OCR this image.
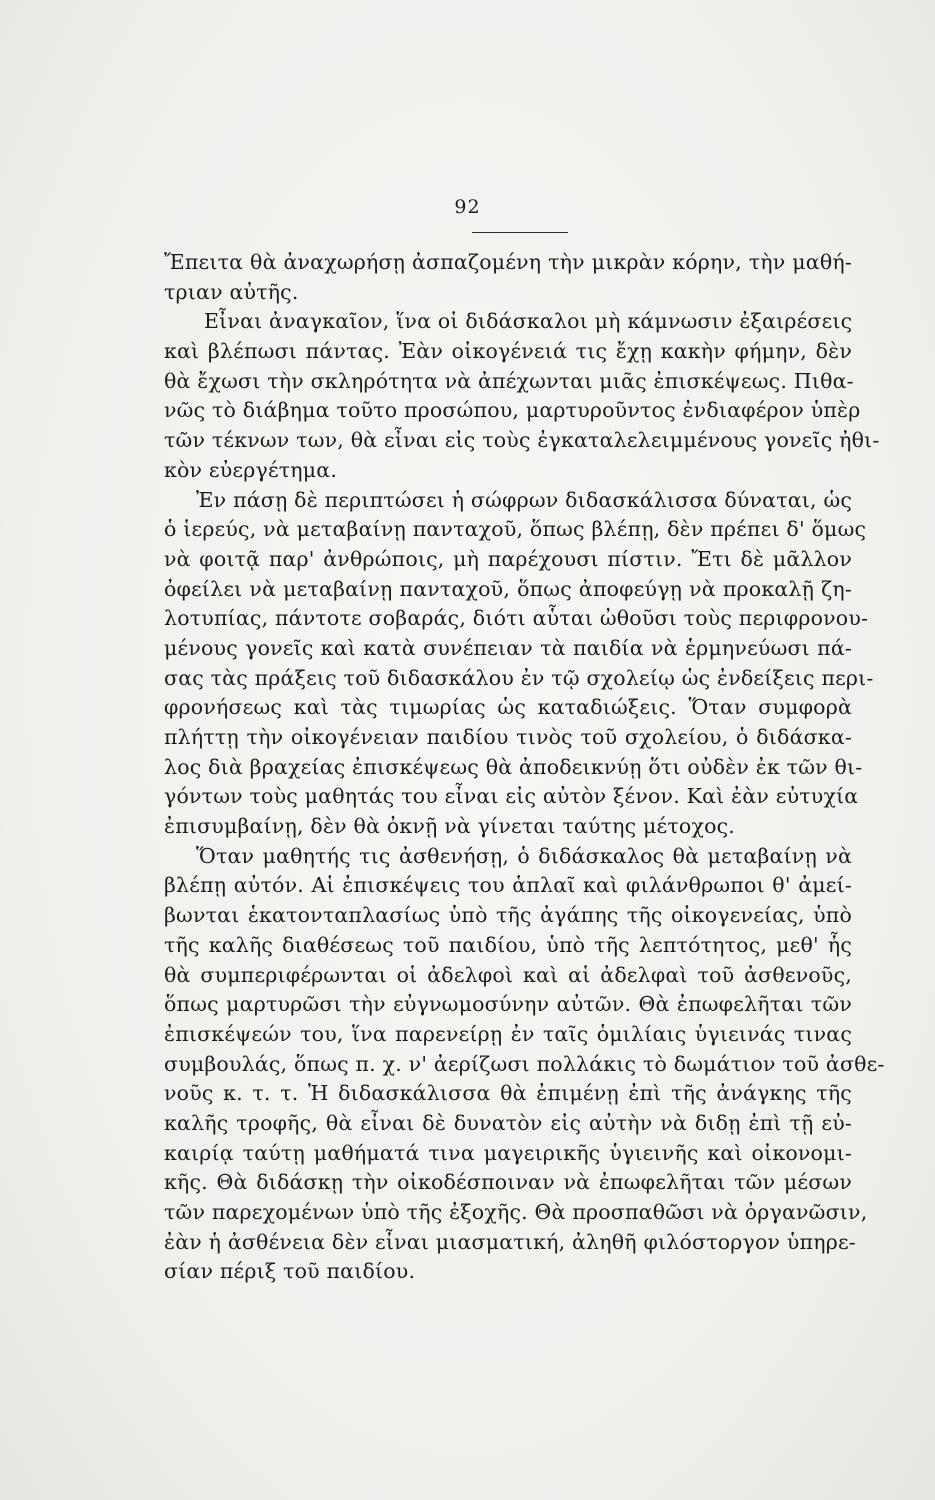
92
Ἔπειτα θὰ ἀναχωρήσῃ ἀσπαζομένη τὴν μικρὰν κόρην, τὴν μαθή-
τριαν αὐτῆς.
Εἶναι ἀναγκαῖον, ἵνα οἱ διδάσκαλοι μὴ κάμνωσιν ἐξαιρέσεις
καὶ βλέπωσι πάντας. Ἐὰν οἰκογένειά τις ἔχῃ κακὴν φήμην, δὲν
θὰ ἔχωσι τὴν σκληρότητα νὰ ἀπέχωνται μιᾶς ἐπισκέψεως. Πιθα-
νῶς τὸ διάβημα τοῦτο προσώπου, μαρτυροῦντος ἐνδιαφέρον ὑπὲρ
τῶν τέκνων των, θὰ εἶναι εἰς τοὺς ἐγκαταλελειμμένους γονεῖς ἠθι-
κὸν εὐεργέτημα.
Ἐν πάσῃ δὲ περιπτώσει ἡ σώφρων διδασκάλισσα δύναται, ὡς
ὁ ἱερεύς, νὰ μεταβαίνῃ πανταχοῦ, ὅπως βλέπῃ, δὲν πρέπει δ' ὅμως
νὰ φοιτᾷ παρ' ἀνθρώποις, μὴ παρέχουσι πίστιν. Ἔτι δὲ μᾶλλον
ὀφείλει νὰ μεταβαίνῃ πανταχοῦ, ὅπως ἀποφεύγῃ νὰ προκαλῇ ζη-
λοτυπίας, πάντοτε σοβαράς, διότι αὗται ὠθοῦσι τοὺς περιφρονου-
μένους γονεῖς καὶ κατὰ συνέπειαν τὰ παιδία νὰ ἑρμηνεύωσι πά-
σας τὰς πράξεις τοῦ διδασκάλου ἐν τῷ σχολείῳ ὡς ἐνδείξεις περι-
φρονήσεως καὶ τὰς τιμωρίας ὡς καταδιώξεις. Ὅταν συμφορὰ
πλήττῃ τὴν οἰκογένειαν παιδίου τινὸς τοῦ σχολείου, ὁ διδάσκα-
λος διὰ βραχείας ἐπισκέψεως θὰ ἀποδεικνύῃ ὅτι οὐδὲν ἐκ τῶν θι-
γόντων τοὺς μαθητάς του εἶναι εἰς αὐτὸν ξένον. Καὶ ἐὰν εὐτυχία
ἐπισυμβαίνῃ, δὲν θὰ ὀκνῇ νὰ γίνεται ταύτης μέτοχος.
Ὅταν μαθητής τις ἀσθενήσῃ, ὁ διδάσκαλος θὰ μεταβαίνῃ νὰ
βλέπῃ αὐτόν. Αἱ ἐπισκέψεις του ἁπλαῖ καὶ φιλάνθρωποι θ' ἀμεί-
βωνται ἑκατονταπλασίως ὑπὸ τῆς ἀγάπης τῆς οἰκογενείας, ὑπὸ
τῆς καλῆς διαθέσεως τοῦ παιδίου, ὑπὸ τῆς λεπτότητος, μεθ' ἧς
θὰ συμπεριφέρωνται οἱ ἀδελφοὶ καὶ αἱ ἀδελφαὶ τοῦ ἀσθενοῦς,
ὅπως μαρτυρῶσι τὴν εὐγνωμοσύνην αὐτῶν. Θὰ ἐπωφελῆται τῶν
ἐπισκέψεών του, ἵνα παρενείρῃ ἐν ταῖς ὁμιλίαις ὑγιεινάς τινας
συμβουλάς, ὅπως π. χ. ν' ἀερίζωσι πολλάκις τὸ δωμάτιον τοῦ ἀσθε-
νοῦς κ. τ. τ. Ἡ διδασκάλισσα θὰ ἐπιμένῃ ἐπὶ τῆς ἀνάγκης τῆς
καλῆς τροφῆς, θὰ εἶναι δὲ δυνατὸν εἰς αὐτὴν νὰ διδῃ ἐπὶ τῇ εὐ-
καιρίᾳ ταύτῃ μαθήματά τινα μαγειρικῆς ὑγιεινῆς καὶ οἰκονομι-
κῆς. Θὰ διδάσκῃ τὴν οἰκοδέσποιναν νὰ ἐπωφελῆται τῶν μέσων
τῶν παρεχομένων ὑπὸ τῆς ἐξοχῆς. Θὰ προσπαθῶσι νὰ ὀργανῶσιν,
ἐὰν ἡ ἀσθένεια δὲν εἶναι μιασματική, ἀληθῆ φιλόστοργον ὑπηρε-
σίαν πέριξ τοῦ παιδίου.
